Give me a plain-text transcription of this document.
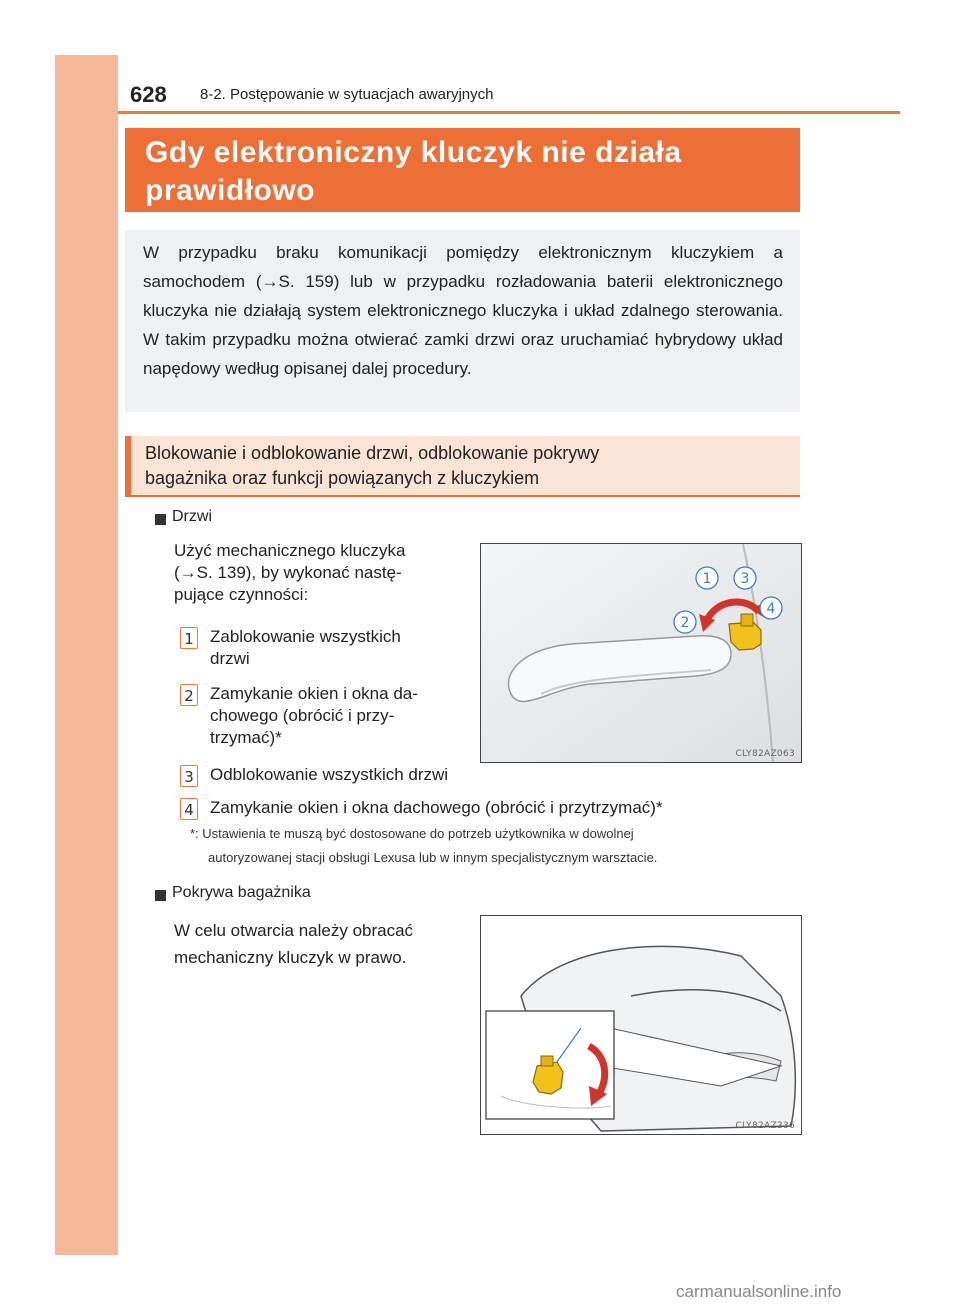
628 8-2. Postępowanie w sytuacjach awaryjnych
Gdy elektroniczny kluczyk nie działa
prawidłowo
W przypadku braku komunikacji pomiędzy elektronicznym kluczykiem a samochodem (→S. 159) lub w przypadku rozładowania baterii elektronicznego kluczyka nie działają system elektronicznego kluczyka i układ zdalnego sterowania. W takim przypadku można otwierać zamki drzwi oraz uruchamiać hybrydowy układ napędowy według opisanej dalej procedury.
Blokowanie i odblokowanie drzwi, odblokowanie pokrywy
bagażnika oraz funkcji powiązanych z kluczykiem
Drzwi
Użyć mechanicznego kluczyka
(→S. 139), by wykonać nastę-
pujące czynności:
1 Zablokowanie wszystkich
drzwi
2 Zamykanie okien i okna da-
chowego (obrócić i przy-
trzymać)*
3 Odblokowanie wszystkich drzwi
4 Zamykanie okien i okna dachowego (obrócić i przytrzymać)*
1 3
2
4
CLY82AZ063
*: Ustawienia te muszą być dostosowane do potrzeb użytkownika w dowolnej
autoryzowanej stacji obsługi Lexusa lub w innym specjalistycznym warsztacie.
Pokrywa bagażnika
W celu otwarcia należy obracać
mechaniczny kluczyk w prawo.
CLY82AZ236
carmanualsonline.info
